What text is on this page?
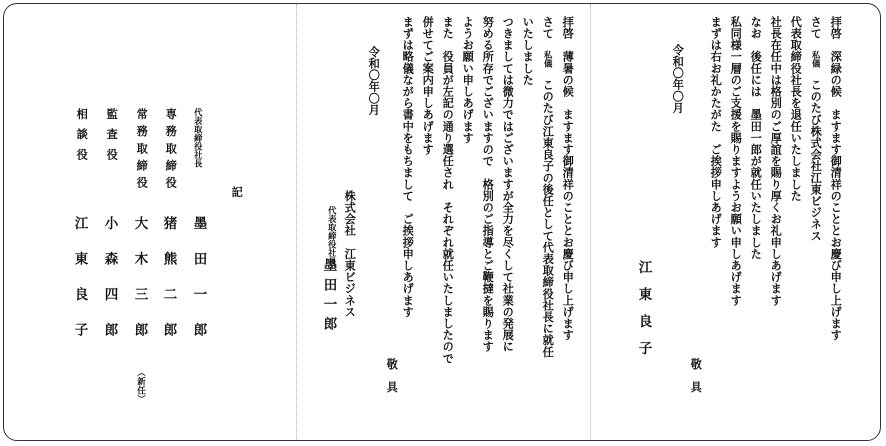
拝啓　深緑の候　ますます御清祥のこととお慶び申し上げます
さて　私儀　このたび株式会社江東ビジネス
代表取締役社長を退任いたしました
社長在任中は格別のご厚誼を賜り厚くお礼申しあげます
なお　後任には　墨田一郎が就任いたしました
私同様一層のご支援を賜りますようお願い申しあげます
まずは右お礼かたがた　ご挨拶申しあげます
敬　具
令和〇年〇月
江　東　良　子
拝啓　薄暑の候　ますます御清祥のこととお慶び申し上げます
さて　私儀　このたび江東良子の後任として代表取締役社長に就任
いたしました
つきましては微力ではございますが全力を尽くして社業の発展に
努める所存でございますので　格別のご指導とご鞭撻を賜ります
ようお願い申しあげます
また　役員が左記の通り選任され　それぞれ就任いたしましたので
併せてご案内申しあげます
まずは略儀ながら書中をもちまして　ご挨拶申しあげます
敬　具
令和〇年〇月
株式会社　江東ビジネス
代表取締役社長
墨田一郎
記
代表取締役社長
墨田一郎
専務取締役
猪熊二郎
常務取締役
大木三郎
（新任）
監査役
小森四郎
相談役
江東良子
